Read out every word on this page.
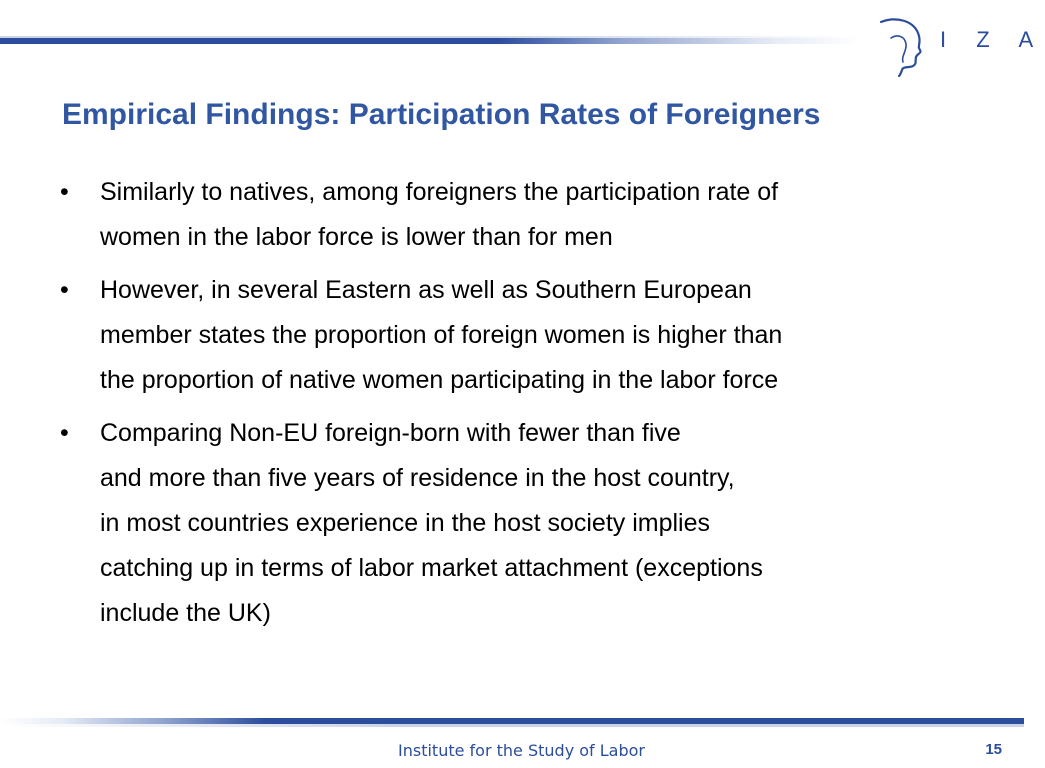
I Z A
Empirical Findings: Participation Rates of Foreigners
• Similarly to natives, among foreigners the participation rate of
women in the labor force is lower than for men
• However, in several Eastern as well as Southern European
member states the proportion of foreign women is higher than
the proportion of native women participating in the labor force
• Comparing Non-EU foreign-born with fewer than five
and more than five years of residence in the host country,
in most countries experience in the host society implies
catching up in terms of labor market attachment (exceptions
include the UK)
Institute for the Study of Labor	15
